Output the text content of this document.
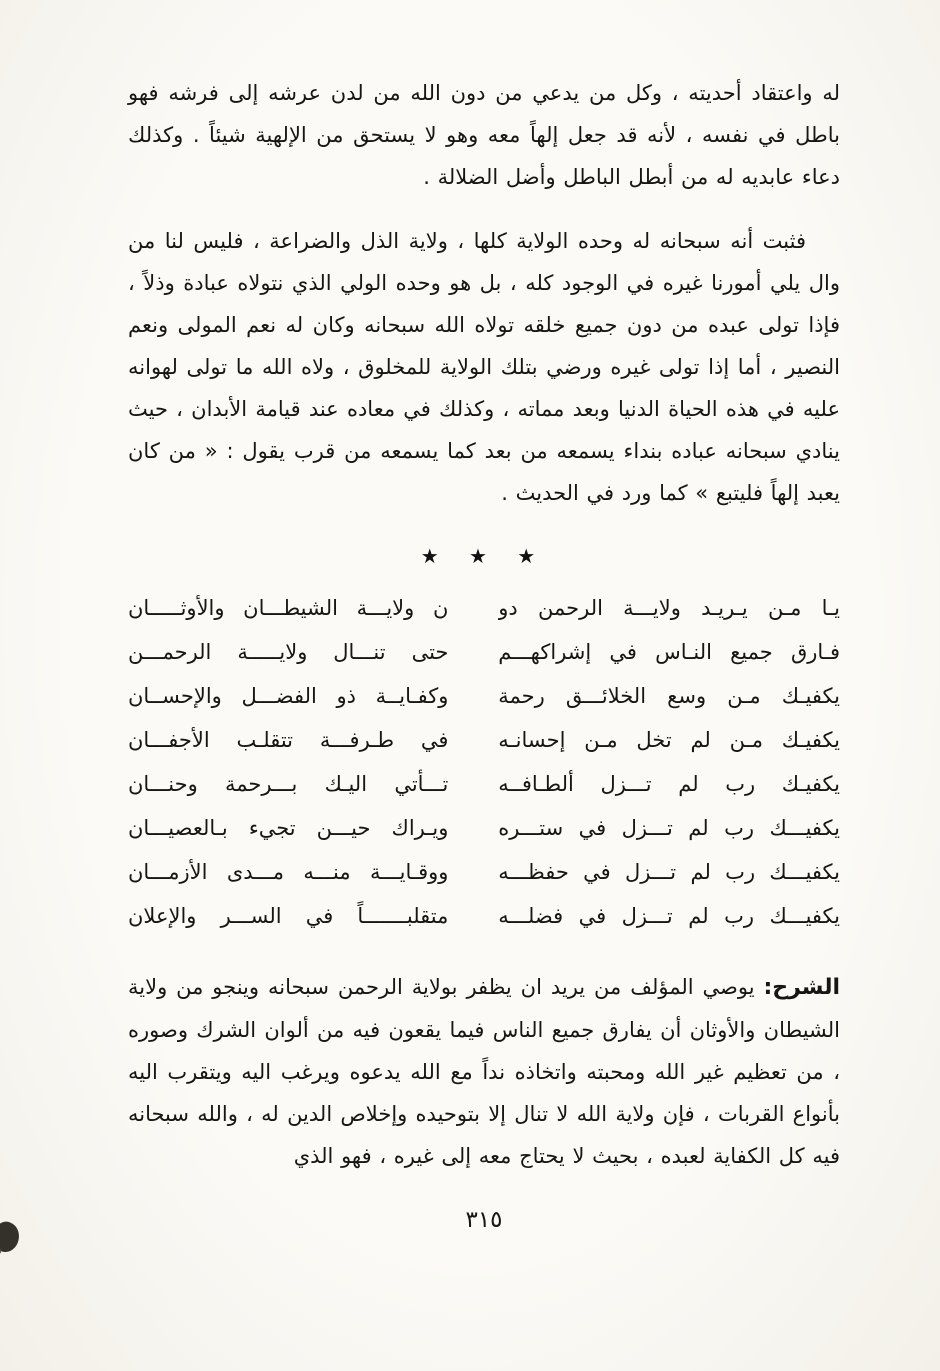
له واعتقاد أحديته ، وكل من يدعي من دون الله من لدن عرشه إلى فرشه فهو باطل في نفسه ، لأنه قد جعل إلهاً معه وهو لا يستحق من الإلهية شيئاً . وكذلك دعاء عابديه له من أبطل الباطل وأضل الضلالة .

فثبت أنه سبحانه له وحده الولاية كلها ، ولاية الذل والضراعة ، فليس لنا من وال يلي أمورنا غيره في الوجود كله ، بل هو وحده الولي الذي نتولاه عبادة وذلاً ، فإذا تولى عبده من دون جميع خلقه تولاه الله سبحانه وكان له نعم المولى ونعم النصير ، أما إذا تولى غيره ورضي بتلك الولاية للمخلوق ، ولاه الله ما تولى لهوانه عليه في هذه الحياة الدنيا وبعد مماته ، وكذلك في معاده عند قيامة الأبدان ، حيث ينادي سبحانه عباده بنداء يسمعه من بعد كما يسمعه من قرب يقول : « من كان يعبد إلهاً فليتبع » كما ورد في الحديث .

★ ★ ★
يـا مـن يـريـد ولايـــة الرحمن دو
ن ولايـــة الشيطـــان والأوثـــــان
فـارق جميع النـاس في إشراكهـــم
حتى تنـــال ولايـــــة الرحمـــن
يكفيـك مـن وسع الخلائـــق رحمة
وكفـايــة ذو الفضـــل والإحســان
يكفيـك مـن لم تخل مـن إحسانـه
في طـرفـــة تتقلـب الأجفـــان
يكفيـك رب لم تـــزل ألطـافــه
تـــأتي اليـك بـــرحمة وحنـــان
يكفيـــك رب لم تـــزل في ستـــره
ويـراك حيـــن تجيء بـالعصيـــان
يكفيـــك رب لم تـــزل في حفظـــه
ووقـايـــة منـــه مـــدى الأزمـــان
يكفيـــك رب لم تـــزل في فضلـــه
متقلبـــــــاً في الســـر والإعلان

الشرح: يوصي المؤلف من يريد ان يظفر بولاية الرحمن سبحانه وينجو من ولاية الشيطان والأوثان أن يفارق جميع الناس فيما يقعون فيه من ألوان الشرك وصوره ، من تعظيم غير الله ومحبته واتخاذه نداً مع الله يدعوه ويرغب اليه ويتقرب اليه بأنواع القربات ، فإن ولاية الله لا تنال إلا بتوحيده وإخلاص الدين له ، والله سبحانه فيه كل الكفاية لعبده ، بحيث لا يحتاج معه إلى غيره ، فهو الذي

٣١٥
